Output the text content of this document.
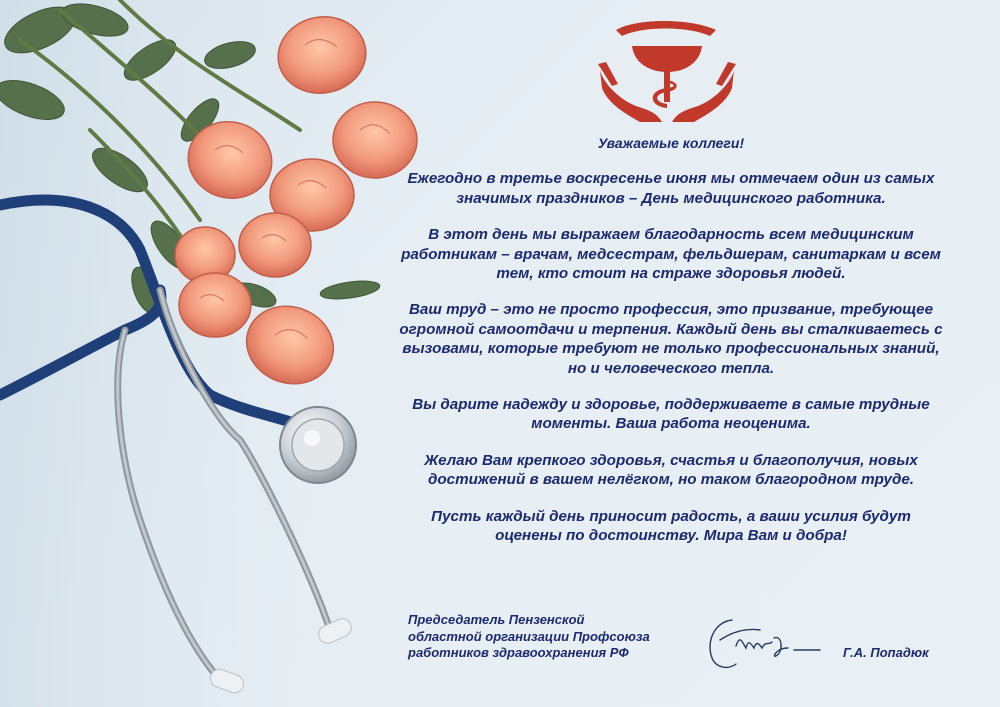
Уважаемые коллеги!

Ежегодно в третье воскресенье июня мы отмечаем один из самых значимых праздников – День медицинского работника.

В этот день мы выражаем благодарность всем медицинским работникам – врачам, медсестрам, фельдшерам, санитаркам и всем тем, кто стоит на страже здоровья людей.

Ваш труд – это не просто профессия, это призвание, требующее огромной самоотдачи и терпения. Каждый день вы сталкиваетесь с вызовами, которые требуют не только профессиональных знаний, но и человеческого тепла.

Вы дарите надежду и здоровье, поддерживаете в самые трудные моменты. Ваша работа неоценима.

Желаю Вам крепкого здоровья, счастья и благополучия, новых достижений в вашем нелёгком, но таком благородном труде.

Пусть каждый день приносит радость, а ваши усилия будут оценены по достоинству. Мира Вам и добра!

Председатель Пензенской
областной организации Профсоюза
работников здравоохранения РФ	Г.А. Попадюк
